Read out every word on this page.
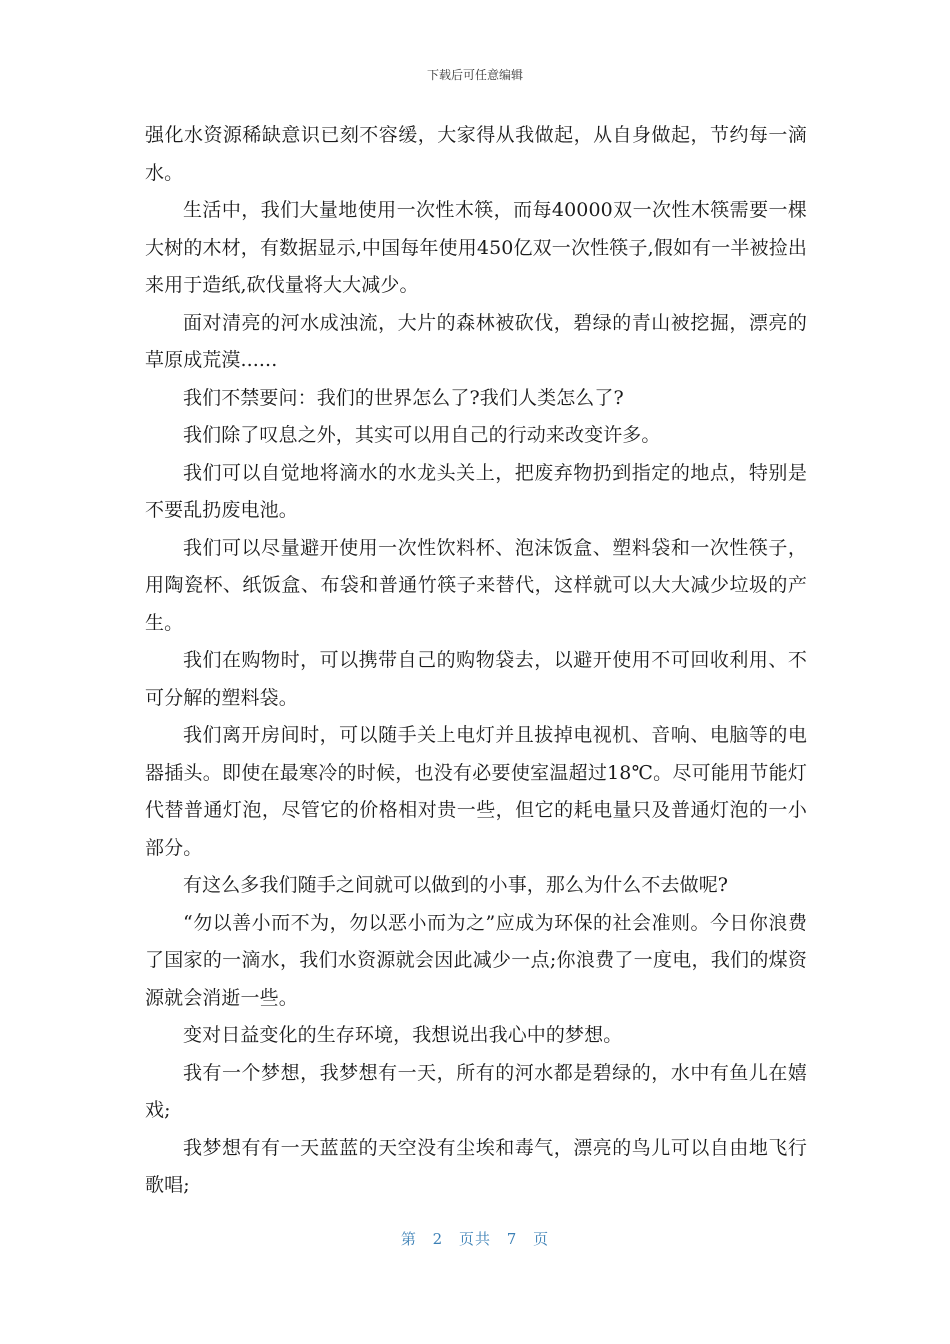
下载后可任意编辑

强化水资源稀缺意识已刻不容缓，大家得从我做起，从自身做起，节约每一滴水。

生活中，我们大量地使用一次性木筷，而每40000双一次性木筷需要一棵大树的木材，有数据显示,中国每年使用450亿双一次性筷子,假如有一半被捡出来用于造纸,砍伐量将大大减少。

面对清亮的河水成浊流，大片的森林被砍伐，碧绿的青山被挖掘，漂亮的草原成荒漠......

我们不禁要问：我们的世界怎么了?我们人类怎么了?

我们除了叹息之外，其实可以用自己的行动来改变许多。

我们可以自觉地将滴水的水龙头关上，把废弃物扔到指定的地点，特别是不要乱扔废电池。

我们可以尽量避开使用一次性饮料杯、泡沫饭盒、塑料袋和一次性筷子，用陶瓷杯、纸饭盒、布袋和普通竹筷子来替代，这样就可以大大减少垃圾的产生。

我们在购物时，可以携带自己的购物袋去，以避开使用不可回收利用、不可分解的塑料袋。

我们离开房间时，可以随手关上电灯并且拔掉电视机、音响、电脑等的电器插头。即使在最寒冷的时候，也没有必要使室温超过18℃。尽可能用节能灯代替普通灯泡，尽管它的价格相对贵一些，但它的耗电量只及普通灯泡的一小部分。

有这么多我们随手之间就可以做到的小事，那么为什么不去做呢?

“勿以善小而不为，勿以恶小而为之”应成为环保的社会准则。今日你浪费了国家的一滴水，我们水资源就会因此减少一点;你浪费了一度电，我们的煤资源就会消逝一些。

变对日益变化的生存环境，我想说出我心中的梦想。

我有一个梦想，我梦想有一天，所有的河水都是碧绿的，水中有鱼儿在嬉戏;

我梦想有有一天蓝蓝的天空没有尘埃和毒气，漂亮的鸟儿可以自由地飞行歌唱;

第 2 页共 7 页
